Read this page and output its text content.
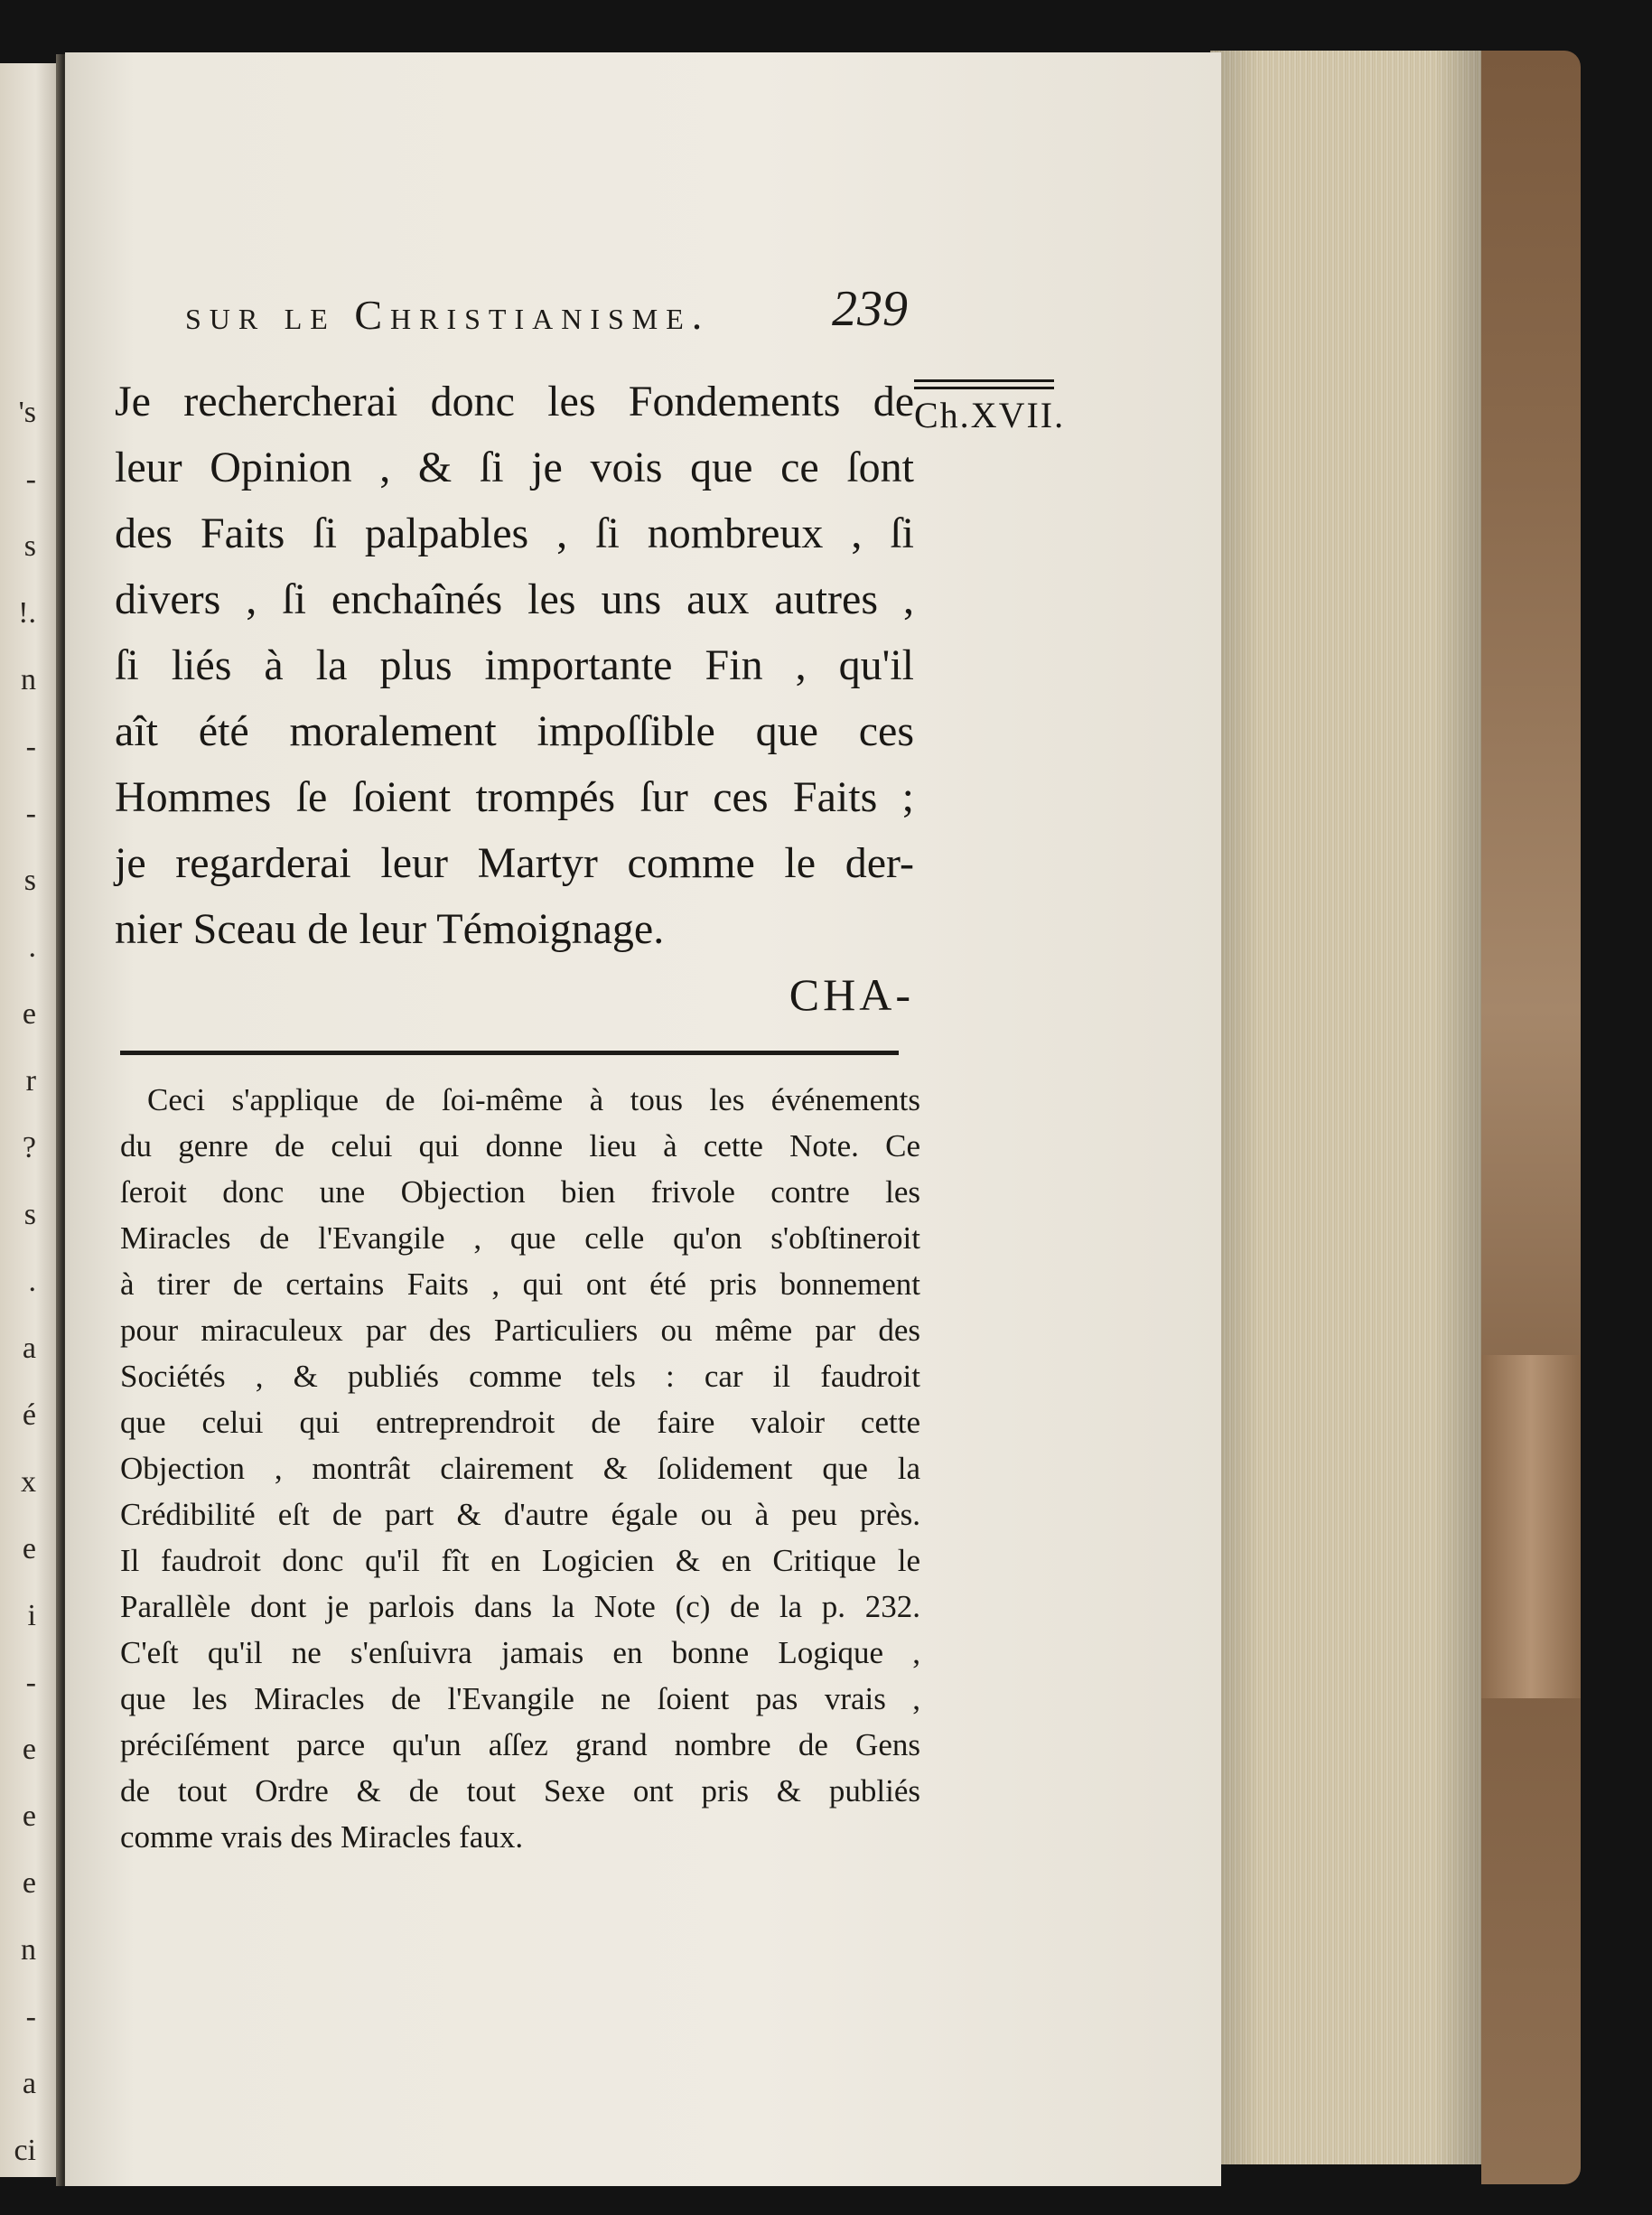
's
-
s
!.
n
-
-
s
.
e
r
?
s
.
a
é
x
e
i
-
e
e
e
n
-
a
ci
sur le Christianisme. 239
Ch.XVII.
Je rechercherai donc les Fondements de
leur Opinion , & ſi je vois que ce ſont
des Faits ſi palpables , ſi nombreux , ſi
divers , ſi enchaînés les uns aux autres ,
ſi liés à la plus importante Fin , qu'il
aît été moralement impoſſible que ces
Hommes ſe ſoient trompés ſur ces Faits ;
je regarderai leur Martyr comme le der-
nier Sceau de leur Témoignage.
CHA-
Ceci s'applique de ſoi-même à tous les événements
du genre de celui qui donne lieu à cette Note. Ce
ſeroit donc une Objection bien frivole contre les
Miracles de l'Evangile , que celle qu'on s'obſtineroit
à tirer de certains Faits , qui ont été pris bonnement
pour miraculeux par des Particuliers ou même par des
Sociétés , & publiés comme tels : car il faudroit
que celui qui entreprendroit de faire valoir cette
Objection , montrât clairement & ſolidement que la
Crédibilité eſt de part & d'autre égale ou à peu près.
Il faudroit donc qu'il fît en Logicien & en Critique le
Parallèle dont je parlois dans la Note (c) de la p. 232.
C'eſt qu'il ne s'enſuivra jamais en bonne Logique ,
que les Miracles de l'Evangile ne ſoient pas vrais ,
préciſément parce qu'un aſſez grand nombre de Gens
de tout Ordre & de tout Sexe ont pris & publiés
comme vrais des Miracles faux.
